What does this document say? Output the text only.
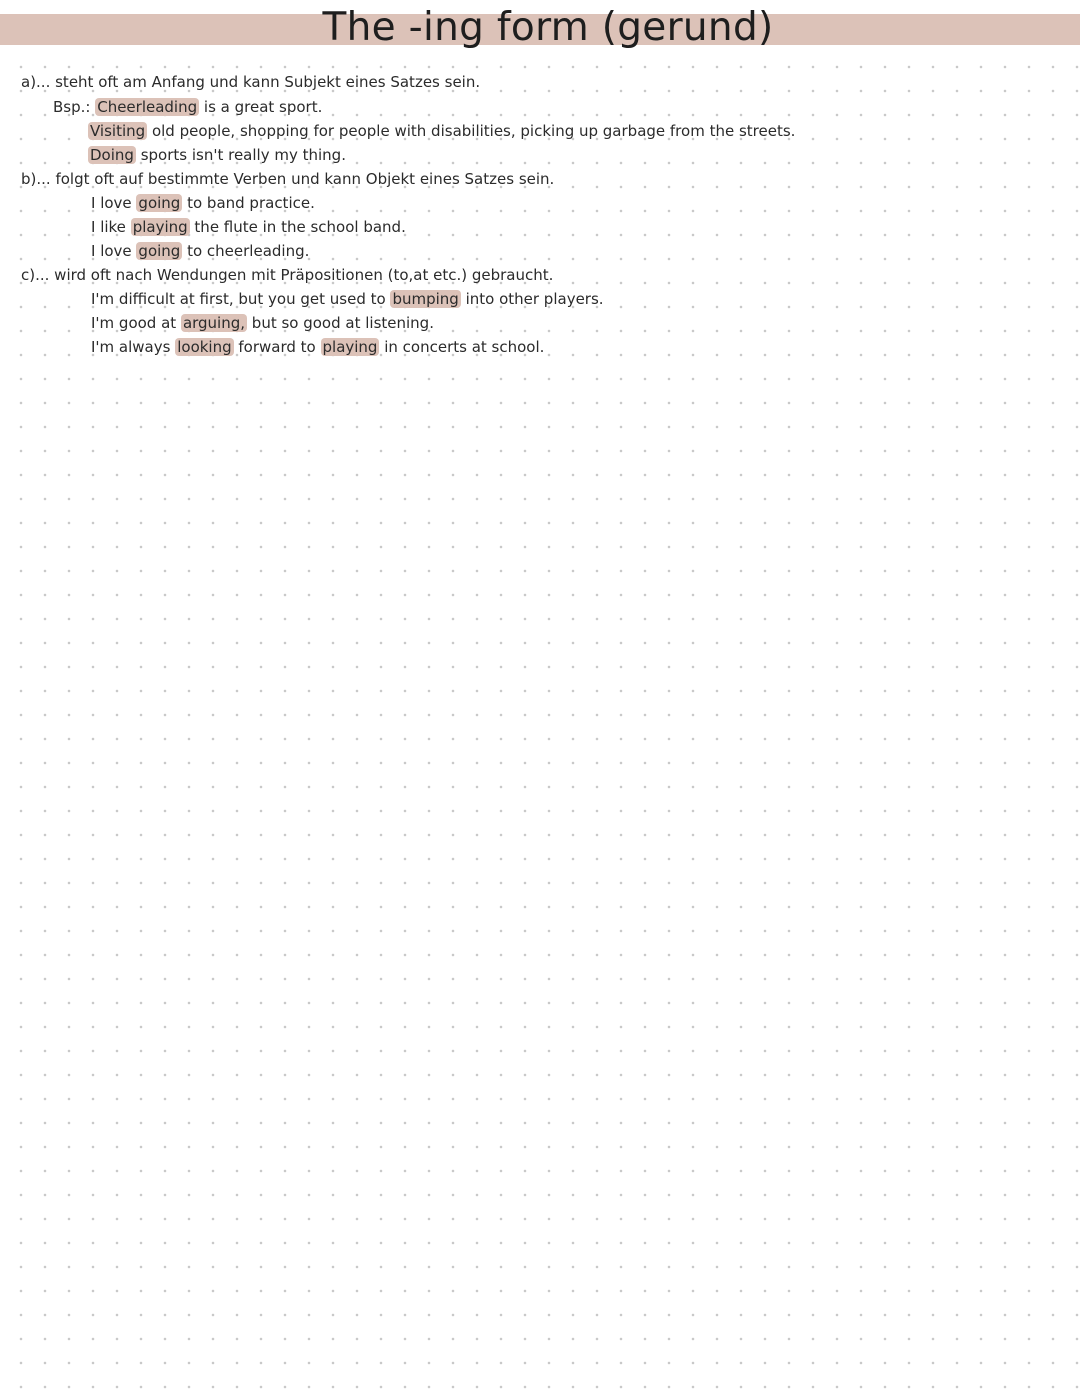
The -ing form (gerund)
a)... steht oft am Anfang und kann Subjekt eines Satzes sein.
Bsp.: Cheerleading is a great sport.
Visiting old people, shopping for people with disabilities, picking up garbage from the streets.
Doing sports isn't really my thing.
b)... folgt oft auf bestimmte Verben und kann Objekt eines Satzes sein.
I love going to band practice.
I like playing the flute in the school band.
I love going to cheerleading.
c)... wird oft nach Wendungen mit Präpositionen (to,at etc.) gebraucht.
I'm difficult at first, but you get used to bumping into other players.
I'm good at arguing, but so good at listening.
I'm always looking forward to playing in concerts at school.
